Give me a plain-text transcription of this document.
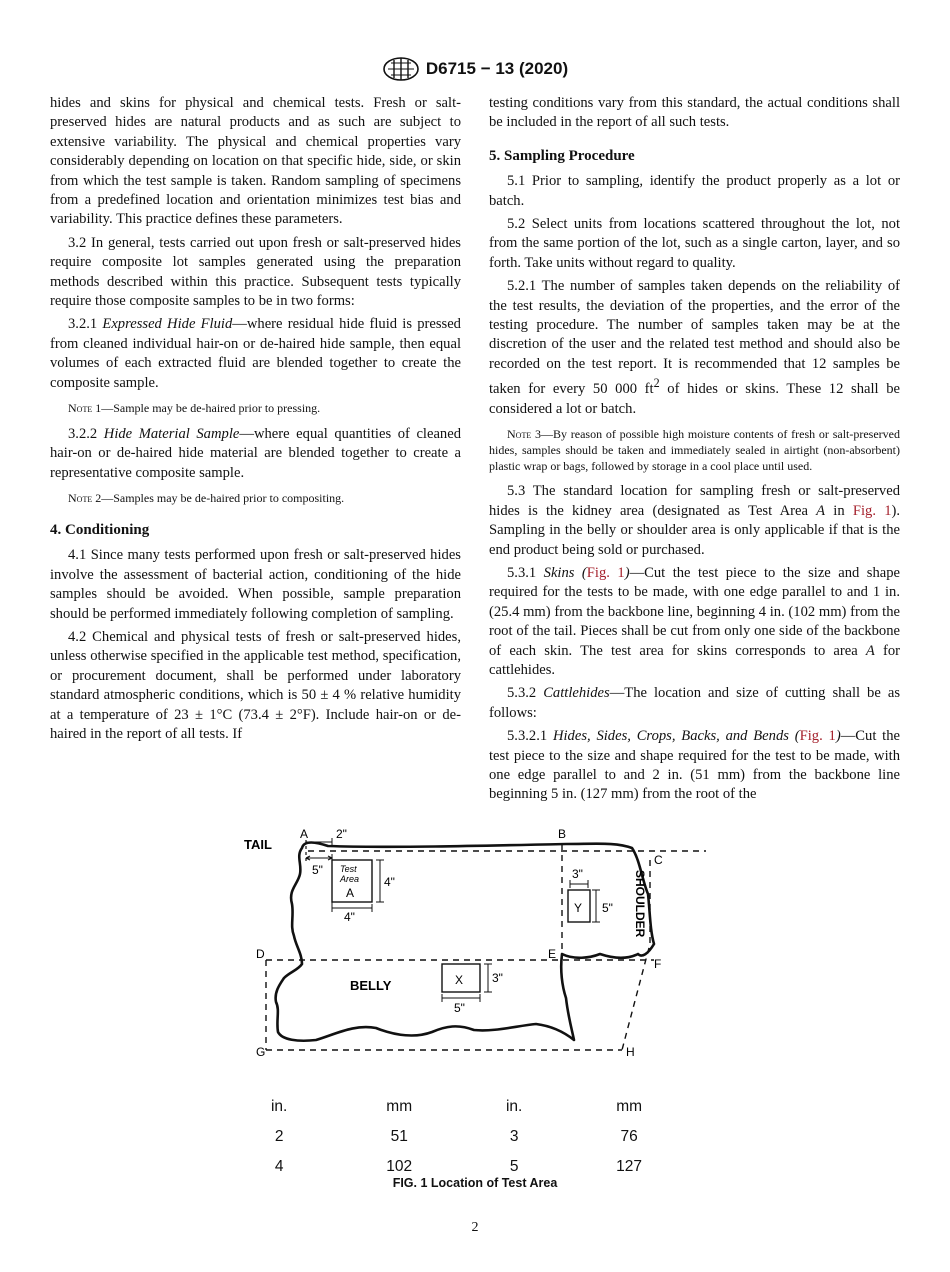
D6715 − 13 (2020)

hides and skins for physical and chemical tests. Fresh or salt-preserved hides are natural products and as such are subject to extensive variability. The physical and chemical properties vary considerably depending on location on that specific hide, side, or skin from which the test sample is taken. Random sampling of specimens from a predefined location and orientation minimizes test bias and variability. This practice defines these parameters.

3.2 In general, tests carried out upon fresh or salt-preserved hides require composite lot samples generated using the preparation methods described within this practice. Subsequent tests typically require those composite samples to be in two forms:

3.2.1 Expressed Hide Fluid—where residual hide fluid is pressed from cleaned individual hair-on or de-haired hide sample, then equal volumes of each extracted fluid are blended together to create the composite sample.

Note 1—Sample may be de-haired prior to pressing.

3.2.2 Hide Material Sample—where equal quantities of cleaned hair-on or de-haired hide material are blended together to create a representative composite sample.

Note 2—Samples may be de-haired prior to compositing.
4. Conditioning

4.1 Since many tests performed upon fresh or salt-preserved hides involve the assessment of bacterial action, conditioning of the hide samples should be avoided. When possible, sample preparation should be performed immediately following completion of sampling.

4.2 Chemical and physical tests of fresh or salt-preserved hides, unless otherwise specified in the applicable test method, specification, or procurement document, shall be performed under laboratory standard atmospheric conditions, which is 50 ± 4 % relative humidity at a temperature of 23 ± 1°C (73.4 ± 2°F). Include hair-on or de-haired in the report of all tests. If

testing conditions vary from this standard, the actual conditions shall be included in the report of all such tests.

5. Sampling Procedure

5.1 Prior to sampling, identify the product properly as a lot or batch.

5.2 Select units from locations scattered throughout the lot, not from the same portion of the lot, such as a single carton, layer, and so forth. Take units without regard to quality.

5.2.1 The number of samples taken depends on the reliability of the test results, the deviation of the properties, and the error of the testing procedure. The number of samples taken may be at the discretion of the user and the related test method and should also be recorded on the test report. It is recommended that 12 samples be taken for every 50 000 $ft^2$ of hides or skins. These 12 shall be considered a lot or batch.

Note 3—By reason of possible high moisture contents of fresh or salt-preserved hides, samples should be taken and immediately sealed in airtight (non-absorbent) plastic wrap or bags, followed by storage in a cool place until used.

5.3 The standard location for sampling fresh or salt-preserved hides is the kidney area (designated as Test Area A in Fig. 1). Sampling in the belly or shoulder area is only applicable if that is the end product being sold or purchased.

5.3.1 Skins (Fig. 1)—Cut the test piece to the size and shape required for the tests to be made, with one edge parallel to and 1 in. (25.4 mm) from the backbone line, beginning 4 in. (102 mm) from the root of the tail. Pieces shall be cut from only one side of the backbone of each skin. The test area for skins corresponds to area A for cattlehides.

5.3.2 Cattlehides—The location and size of cutting shall be as follows:

5.3.2.1 Hides, Sides, Crops, Backs, and Bends (Fig. 1)—Cut the test piece to the size and shape required for the test to be made, with one edge parallel to and 2 in. (51 mm) from the backbone line beginning 5 in. (127 mm) from the root of the

TAIL
BELLY
SHOULDER
Test
Area
A
A	B
C
D	E
F
G	H
Y
X
2"
5"
4"
4"
3"
5"
3"
5"
in.	mm	in.	mm
2	51	3	76
4	102	5	127
FIG. 1 Location of Test Area
2
